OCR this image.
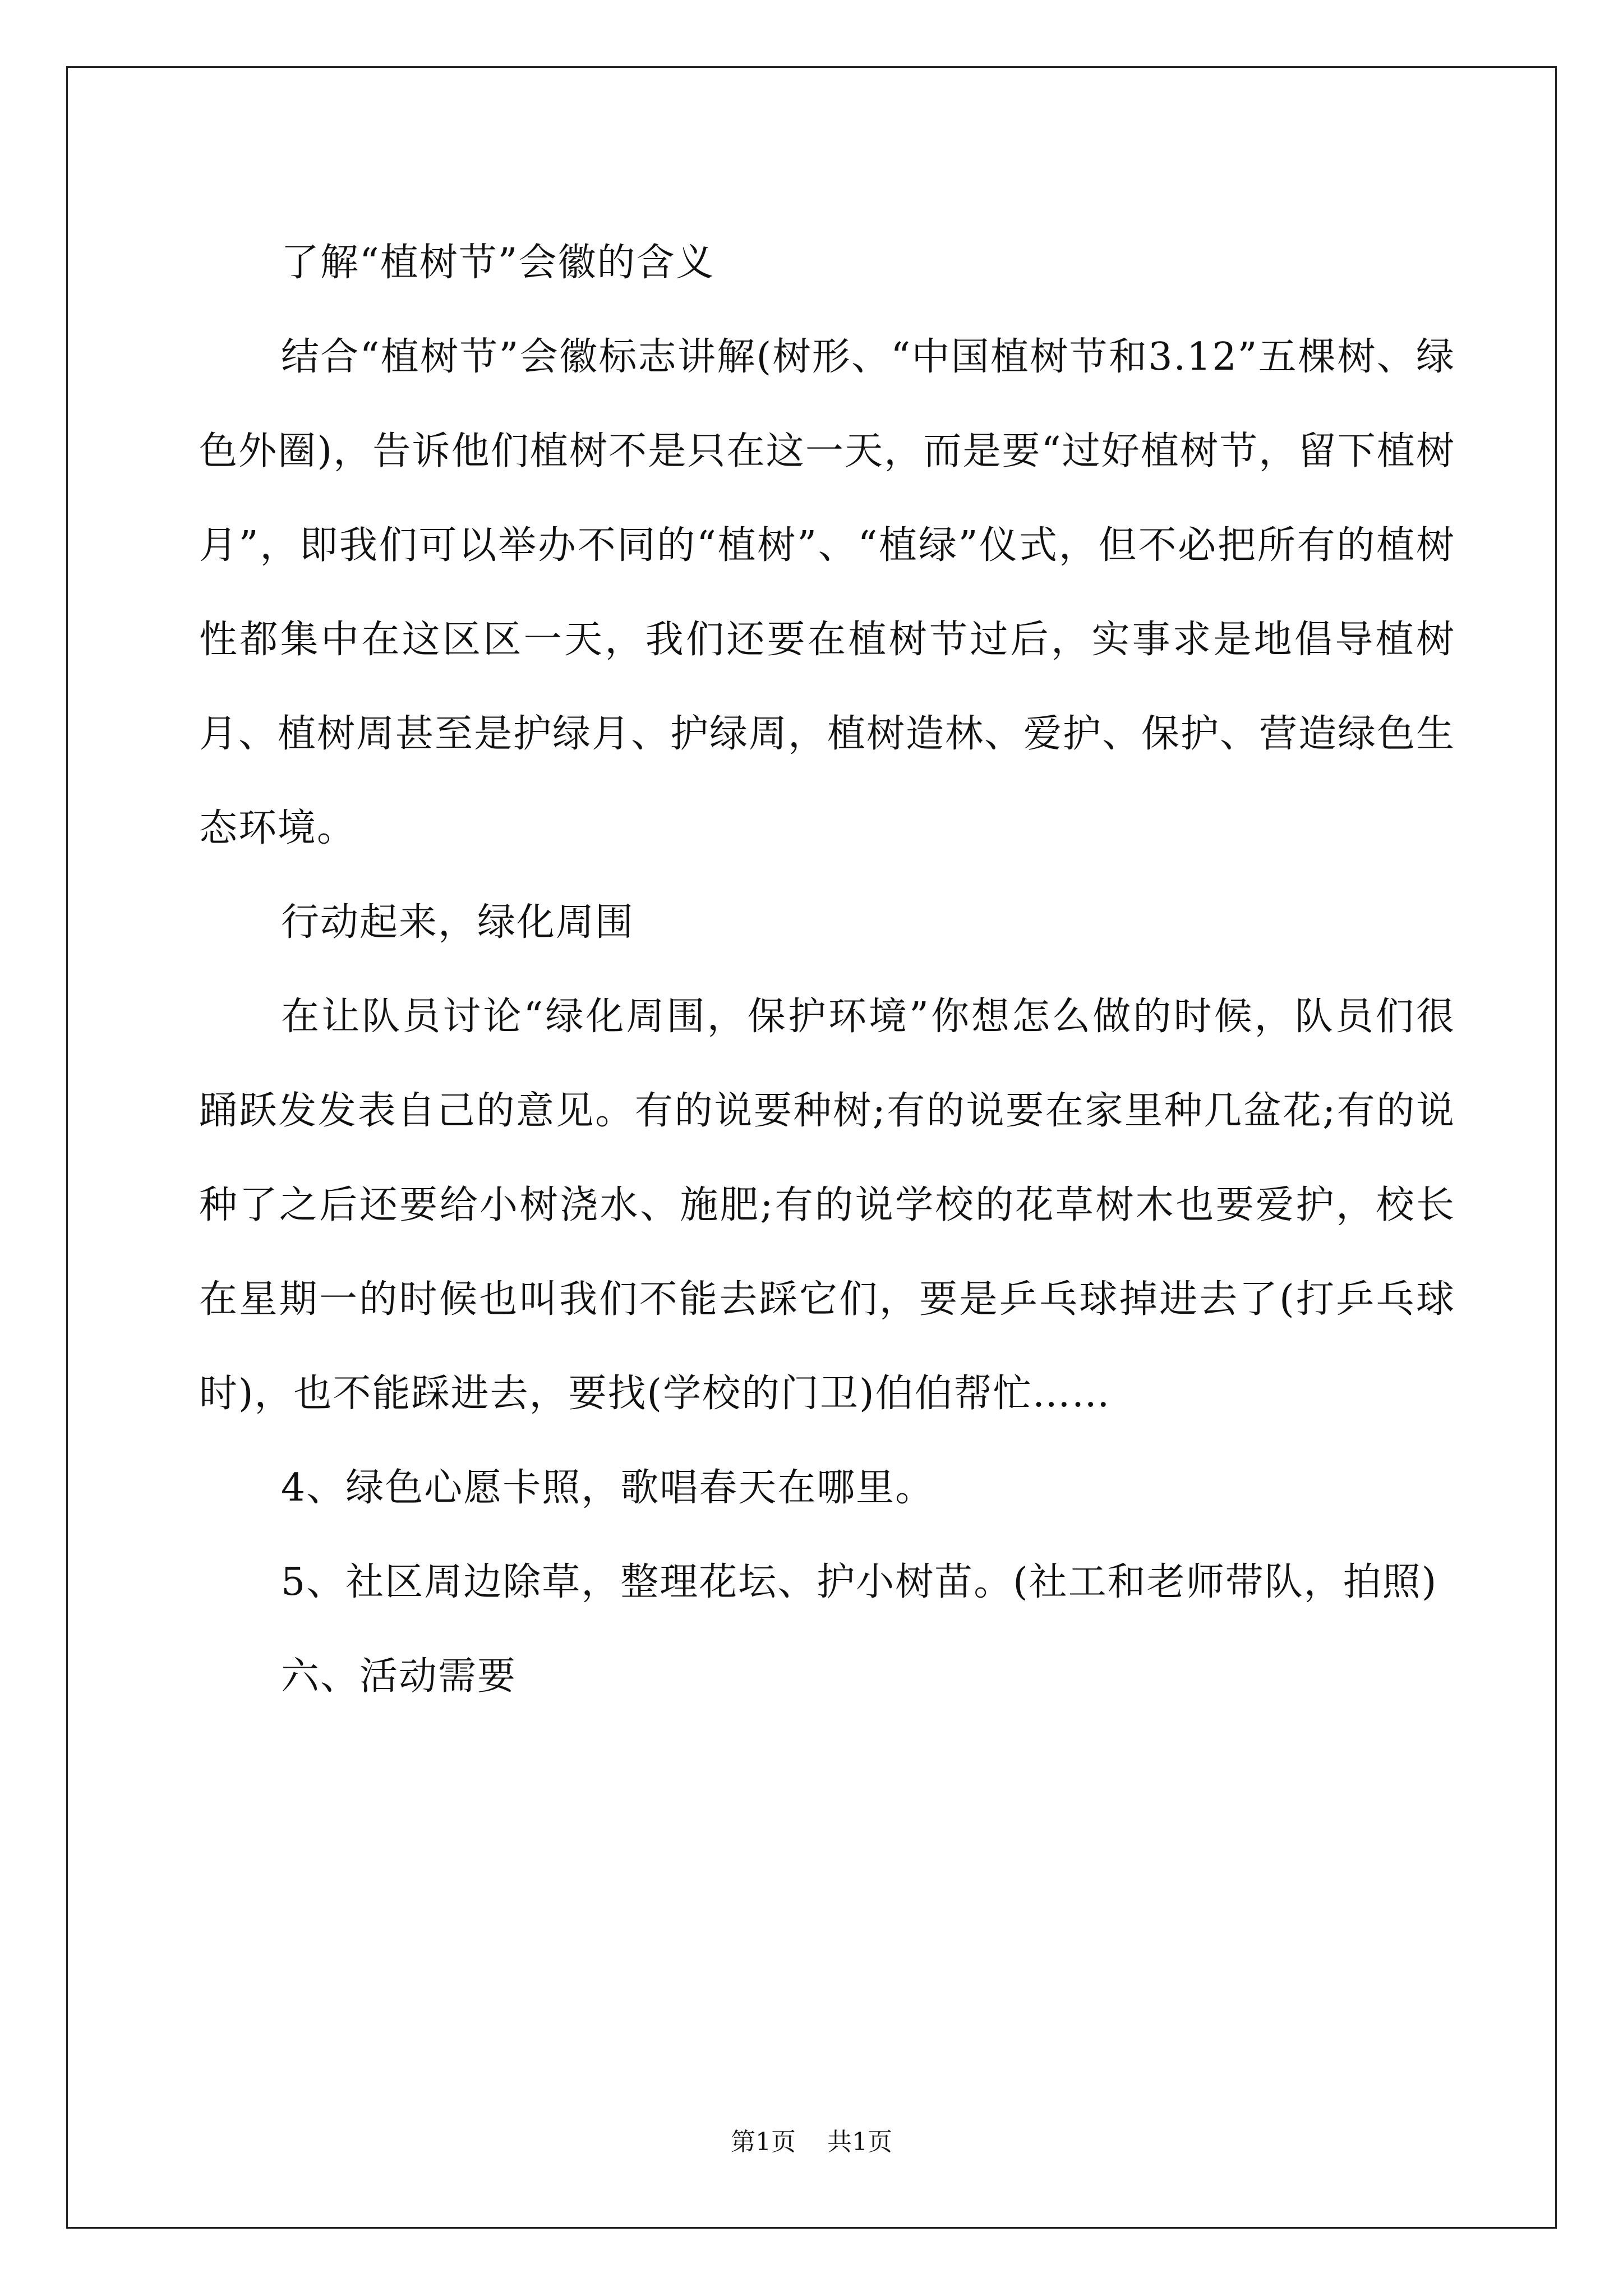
了解“植树节”会徽的含义

结合“植树节”会徽标志讲解(树形、“中国植树节和3.12”五棵树、绿色外圈)，告诉他们植树不是只在这一天，而是要“过好植树节，留下植树月”，即我们可以举办不同的“植树”、“植绿”仪式，但不必把所有的植树性都集中在这区区一天，我们还要在植树节过后，实事求是地倡导植树月、植树周甚至是护绿月、护绿周，植树造林、爱护、保护、营造绿色生态环境。

行动起来，绿化周围

在让队员讨论“绿化周围，保护环境”你想怎么做的时候，队员们很踊跃发发表自己的意见。有的说要种树;有的说要在家里种几盆花;有的说种了之后还要给小树浇水、施肥;有的说学校的花草树木也要爱护，校长在星期一的时候也叫我们不能去踩它们，要是乒乓球掉进去了(打乒乓球时)，也不能踩进去，要找(学校的门卫)伯伯帮忙……

4、绿色心愿卡照，歌唱春天在哪里。

5、社区周边除草，整理花坛、护小树苗。(社工和老师带队，拍照)

六、活动需要

第1页 共1页
